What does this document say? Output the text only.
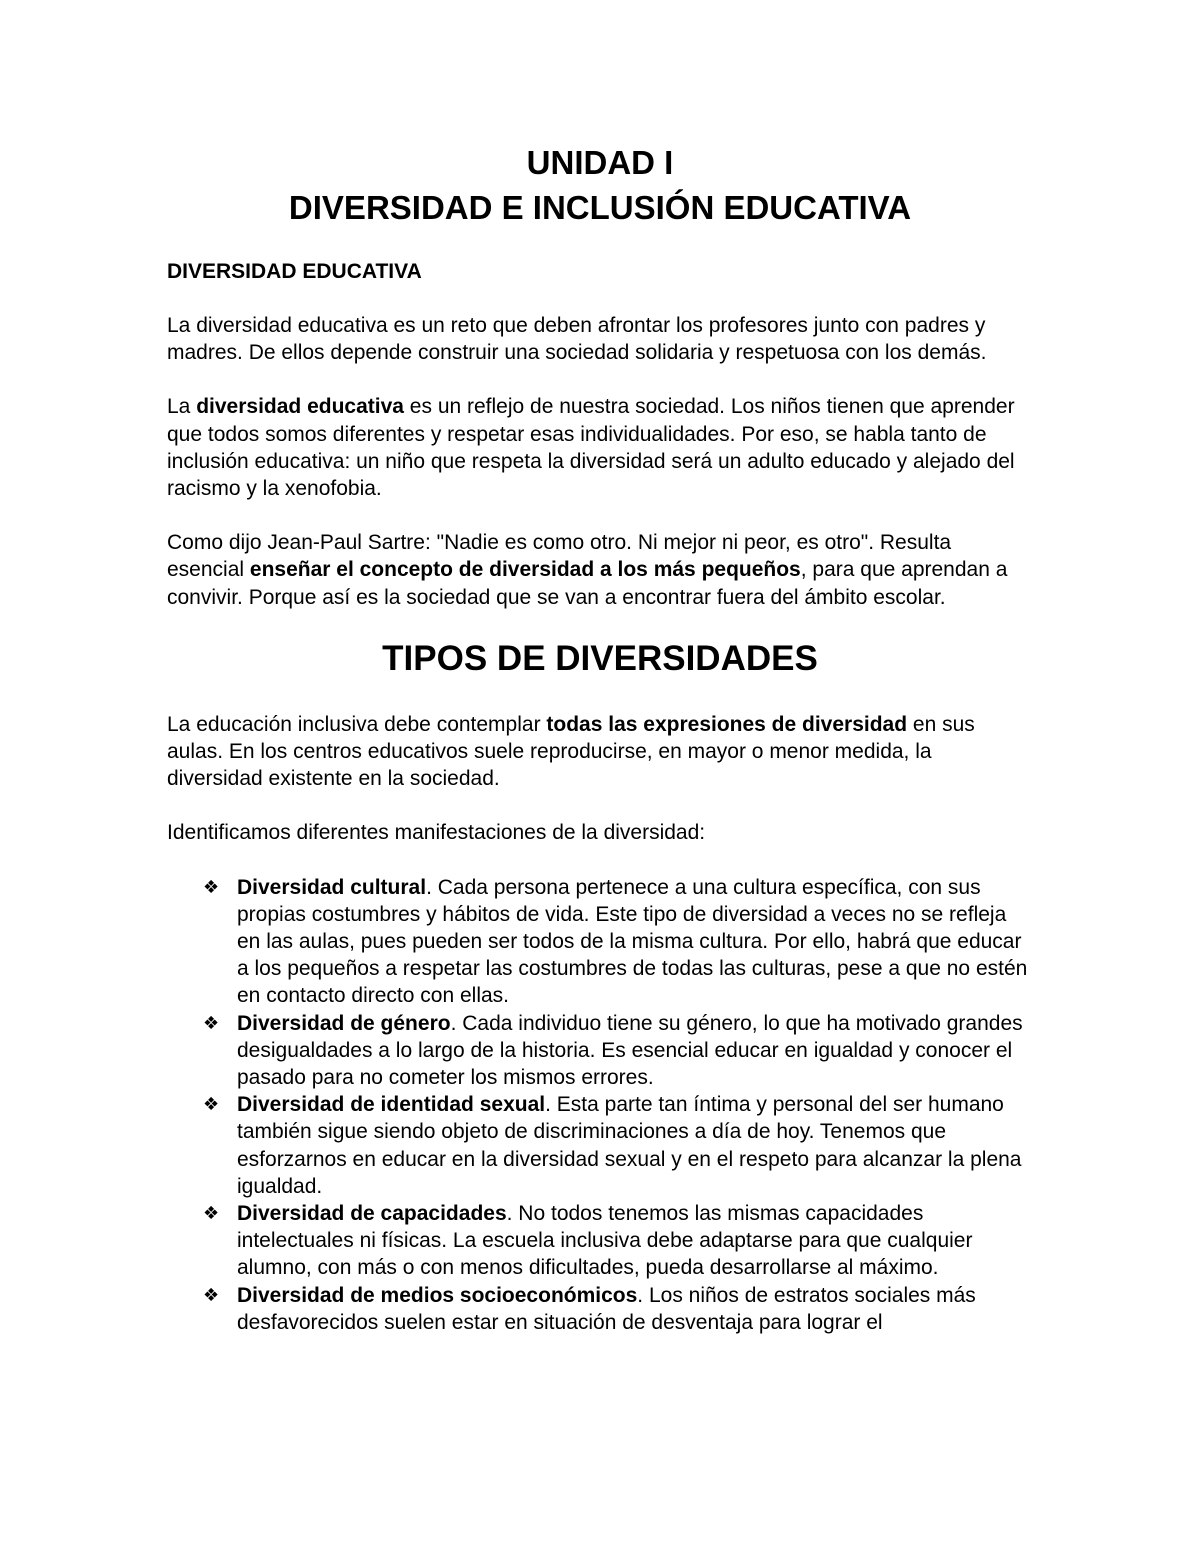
UNIDAD I
DIVERSIDAD E INCLUSIÓN EDUCATIVA
DIVERSIDAD EDUCATIVA

La diversidad educativa es un reto que deben afrontar los profesores junto con padres y madres. De ellos depende construir una sociedad solidaria y respetuosa con los demás.

La diversidad educativa es un reflejo de nuestra sociedad. Los niños tienen que aprender que todos somos diferentes y respetar esas individualidades. Por eso, se habla tanto de inclusión educativa: un niño que respeta la diversidad será un adulto educado y alejado del racismo y la xenofobia.

Como dijo Jean-Paul Sartre: "Nadie es como otro. Ni mejor ni peor, es otro". Resulta esencial enseñar el concepto de diversidad a los más pequeños, para que aprendan a convivir. Porque así es la sociedad que se van a encontrar fuera del ámbito escolar.

TIPOS DE DIVERSIDADES

La educación inclusiva debe contemplar todas las expresiones de diversidad en sus aulas. En los centros educativos suele reproducirse, en mayor o menor medida, la diversidad existente en la sociedad.

Identificamos diferentes manifestaciones de la diversidad:

❖ Diversidad cultural. Cada persona pertenece a una cultura específica, con sus propias costumbres y hábitos de vida. Este tipo de diversidad a veces no se refleja en las aulas, pues pueden ser todos de la misma cultura. Por ello, habrá que educar a los pequeños a respetar las costumbres de todas las culturas, pese a que no estén en contacto directo con ellas.
❖ Diversidad de género. Cada individuo tiene su género, lo que ha motivado grandes desigualdades a lo largo de la historia. Es esencial educar en igualdad y conocer el pasado para no cometer los mismos errores.
❖ Diversidad de identidad sexual. Esta parte tan íntima y personal del ser humano también sigue siendo objeto de discriminaciones a día de hoy. Tenemos que esforzarnos en educar en la diversidad sexual y en el respeto para alcanzar la plena igualdad.
❖ Diversidad de capacidades. No todos tenemos las mismas capacidades intelectuales ni físicas. La escuela inclusiva debe adaptarse para que cualquier alumno, con más o con menos dificultades, pueda desarrollarse al máximo.
❖ Diversidad de medios socioeconómicos. Los niños de estratos sociales más desfavorecidos suelen estar en situación de desventaja para lograr el
